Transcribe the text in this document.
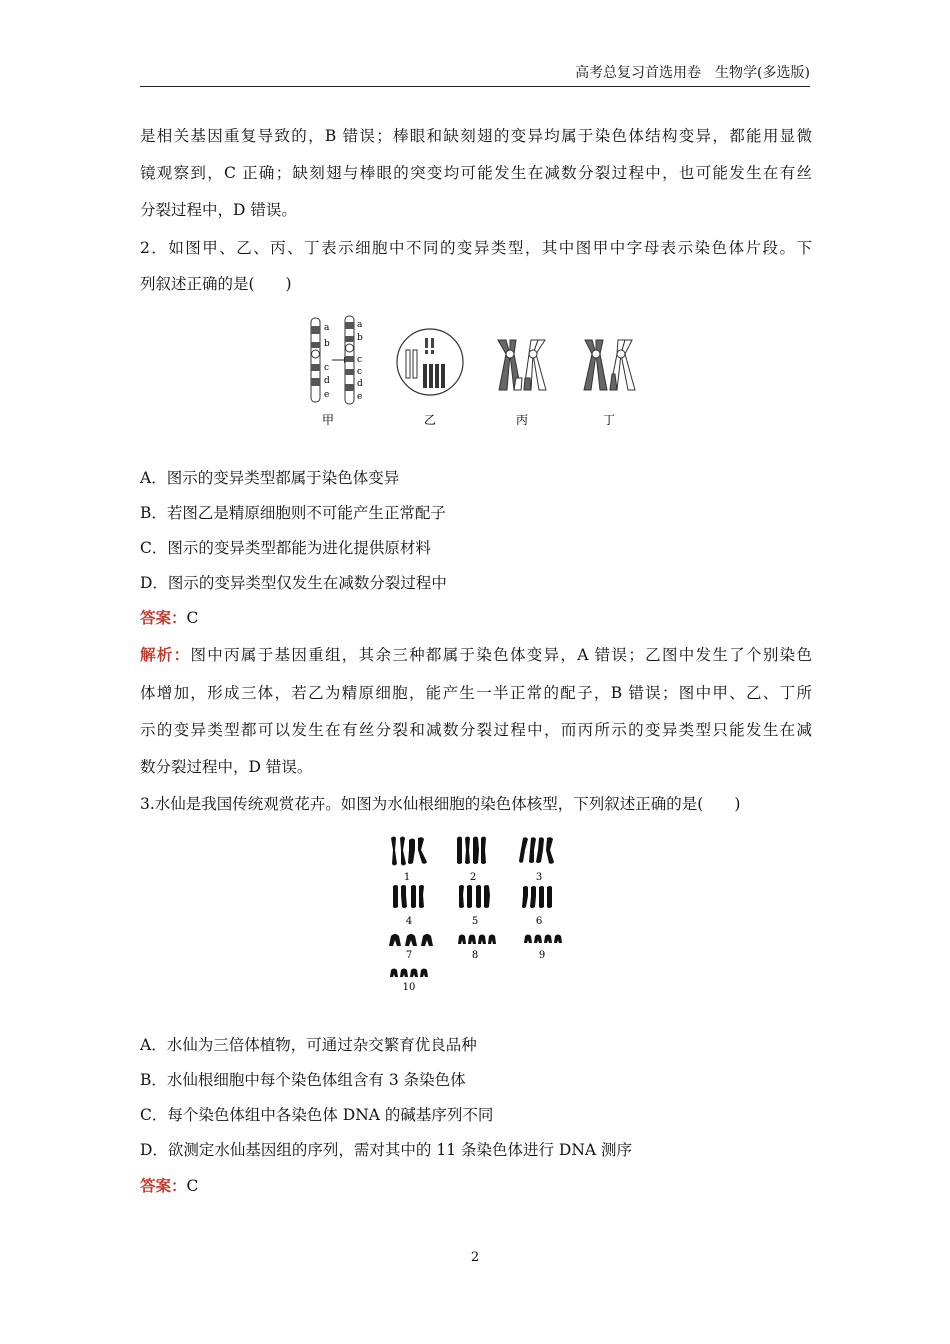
高考总复习首选用卷　生物学(多选版)
是相关基因重复导致的，B 错误；棒眼和缺刻翅的变异均属于染色体结构变异，都能用显微
镜观察到，C 正确；缺刻翅与棒眼的突变均可能发生在减数分裂过程中，也可能发生在有丝
分裂过程中，D 错误。
2．如图甲、乙、丙、丁表示细胞中不同的变异类型，其中图甲中字母表示染色体片段。下
列叙述正确的是(　　)
a
b
c
d
e
a
b
c
c
d
e
甲	乙	丙	丁
A．图示的变异类型都属于染色体变异
B．若图乙是精原细胞则不可能产生正常配子
C．图示的变异类型都能为进化提供原材料
D．图示的变异类型仅发生在减数分裂过程中
答案：C
解析：图中丙属于基因重组，其余三种都属于染色体变异，A 错误；乙图中发生了个别染色
体增加，形成三体，若乙为精原细胞，能产生一半正常的配子，B 错误；图中甲、乙、丁所
示的变异类型都可以发生在有丝分裂和减数分裂过程中，而丙所示的变异类型只能发生在减
数分裂过程中，D 错误。
3.水仙是我国传统观赏花卉。如图为水仙根细胞的染色体核型，下列叙述正确的是(　　)
1	2	3
4	5	6
7	8	9
10
A．水仙为三倍体植物，可通过杂交繁育优良品种
B．水仙根细胞中每个染色体组含有 3 条染色体
C．每个染色体组中各染色体 DNA 的碱基序列不同
D．欲测定水仙基因组的序列，需对其中的 11 条染色体进行 DNA 测序
答案：C
2
